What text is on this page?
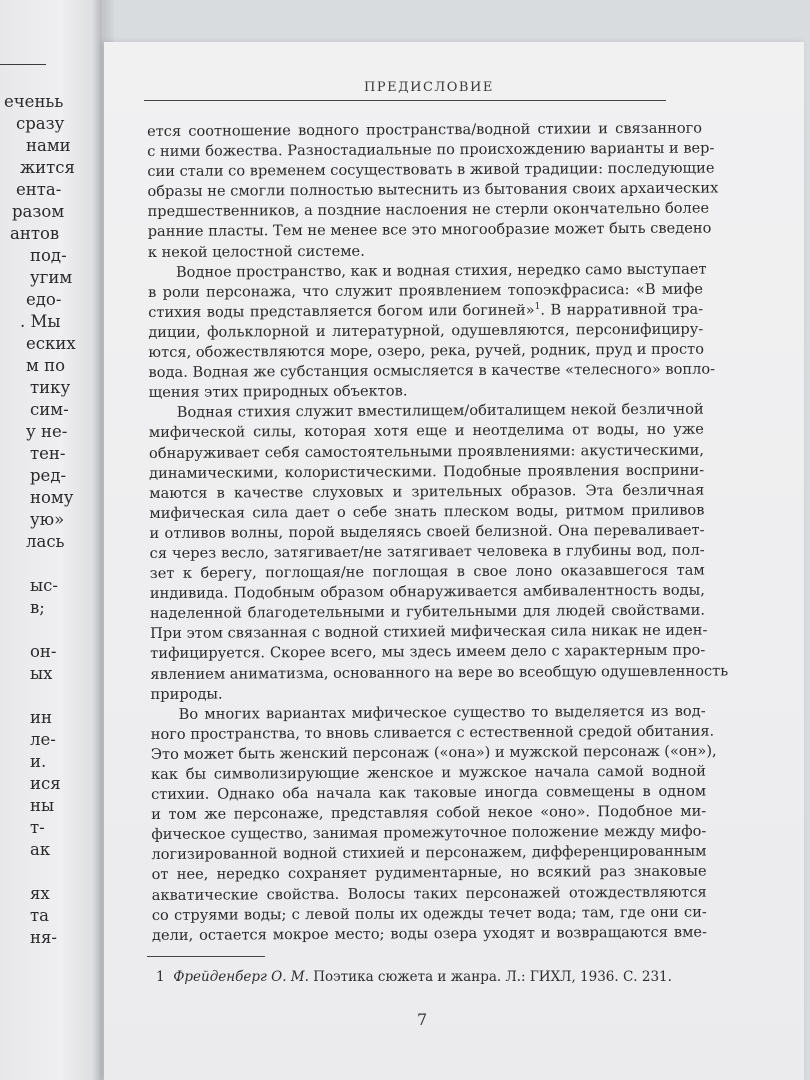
еченьь
сразу
нами
жится
ента-
разом
антов
под-
угим
едо-
. Мы
еских
м по
тику
сим-
у не-
тен-
ред-
ному
ую»
лась
ыс-
в;
он-
ых
ин
ле-
и.
ися
ны
т-
ак
ях
та
ня-
ПРЕДИСЛОВИЕ
ется соотношение водного пространства/водной стихии и связанного
с ними божества. Разностадиальные по происхождению варианты и вер-
сии стали со временем сосуществовать в живой традиции: последующие
образы не смогли полностью вытеснить из бытования своих архаических
предшественников, а поздние наслоения не стерли окончательно более
ранние пласты. Тем не менее все это многообразие может быть сведено
к некой целостной системе.
Водное пространство, как и водная стихия, нередко само выступает
в роли персонажа, что служит проявлением топоэкфрасиса: «В мифе
стихия воды представляется богом или богиней»$^1$. В нарративной тра-
диции, фольклорной и литературной, одушевляются, персонифициру-
ются, обожествляются море, озеро, река, ручей, родник, пруд и просто
вода. Водная же субстанция осмысляется в качестве «телесного» вопло-
щения этих природных объектов.
Водная стихия служит вместилищем/обиталищем некой безличной
мифической силы, которая хотя еще и неотделима от воды, но уже
обнаруживает себя самостоятельными проявлениями: акустическими,
динамическими, колористическими. Подобные проявления восприни-
маются в качестве слуховых и зрительных образов. Эта безличная
мифическая сила дает о себе знать плеском воды, ритмом приливов
и отливов волны, порой выделяясь своей белизной. Она переваливает-
ся через весло, затягивает/не затягивает человека в глубины вод, пол-
зет к берегу, поглощая/не поглощая в свое лоно оказавшегося там
индивида. Подобным образом обнаруживается амбивалентность воды,
наделенной благодетельными и губительными для людей свойствами.
При этом связанная с водной стихией мифическая сила никак не иден-
тифицируется. Скорее всего, мы здесь имеем дело с характерным про-
явлением аниматизма, основанного на вере во всеобщую одушевленность
природы.
Во многих вариантах мифическое существо то выделяется из вод-
ного пространства, то вновь сливается с естественной средой обитания.
Это может быть женский персонаж («она») и мужской персонаж («он»),
как бы символизирующие женское и мужское начала самой водной
стихии. Однако оба начала как таковые иногда совмещены в одном
и том же персонаже, представляя собой некое «оно». Подобное ми-
фическое существо, занимая промежуточное положение между мифо-
логизированной водной стихией и персонажем, дифференцированным
от нее, нередко сохраняет рудиментарные, но всякий раз знаковые
акватические свойства. Волосы таких персонажей отождествляются
со струями воды; с левой полы их одежды течет вода; там, где они си-
дели, остается мокрое место; воды озера уходят и возвращаются вме-
1 Фрейденберг О. М. Поэтика сюжета и жанра. Л.: ГИХЛ, 1936. С. 231.
7
